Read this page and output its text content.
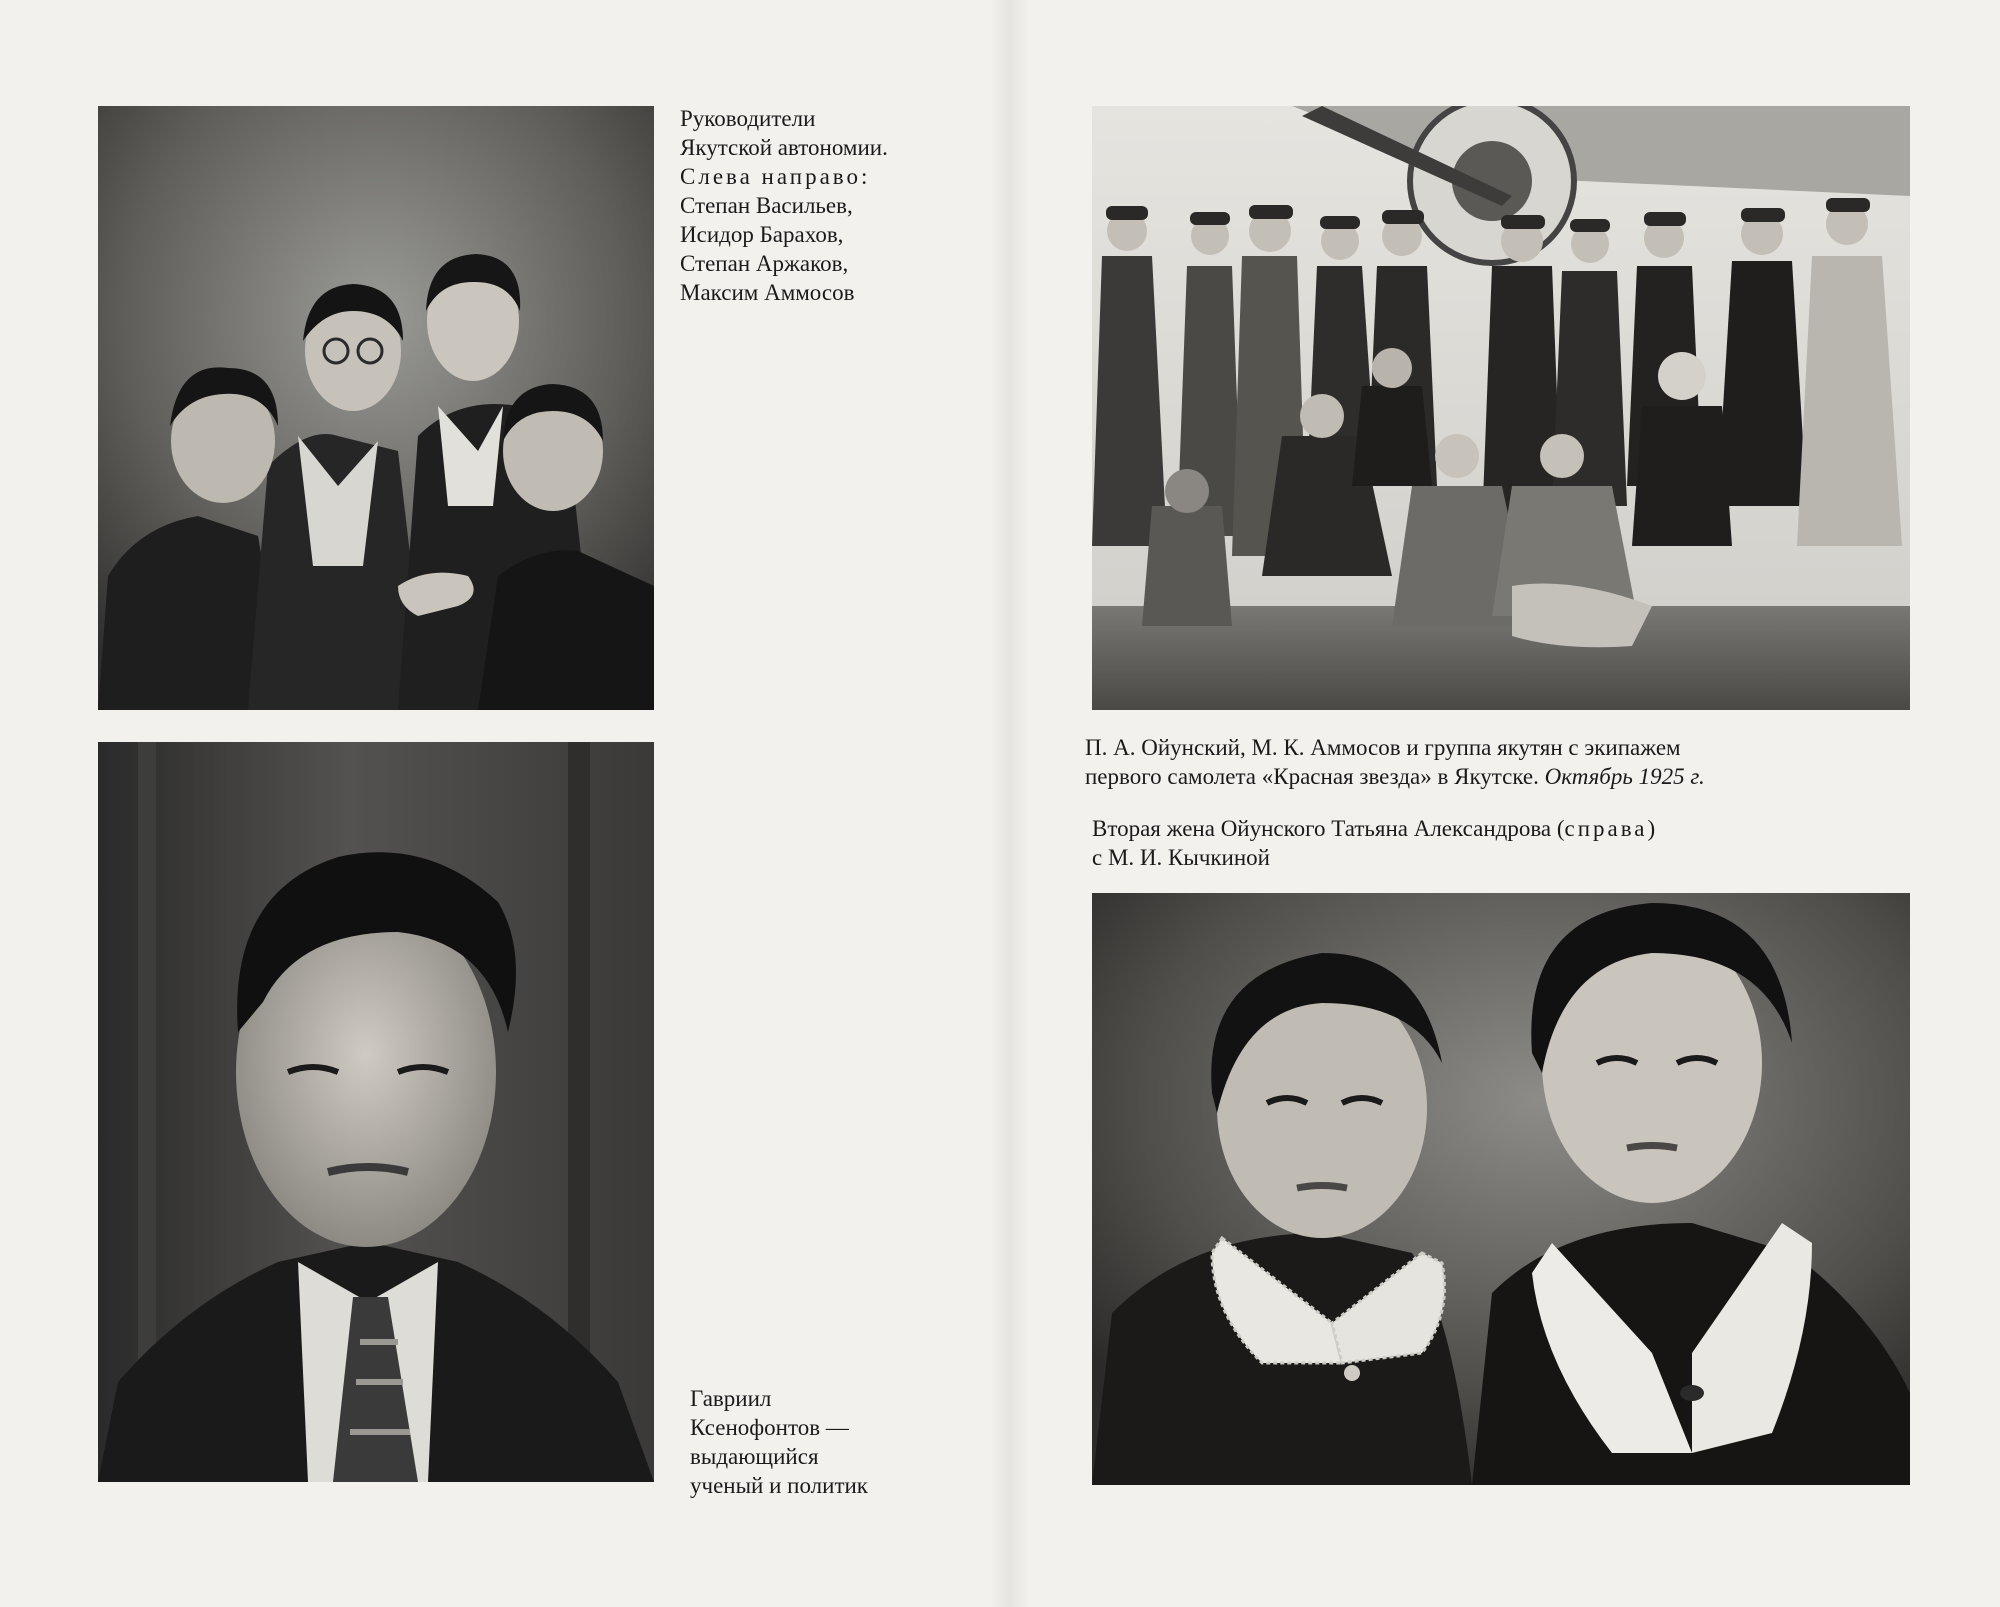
Руководители
Якутской автономии.
Слева направо:
Степан Васильев,
Исидор Барахов,
Степан Аржаков,
Максим Аммосов
Гавриил
Ксенофонтов —
выдающийся
ученый и политик
П. А. Ойунский, М. К. Аммосов и группа якутян с экипажем
первого самолета «Красная звезда» в Якутске. Октябрь 1925 г.
Вторая жена Ойунского Татьяна Александрова (справа)
с М. И. Кычкиной
